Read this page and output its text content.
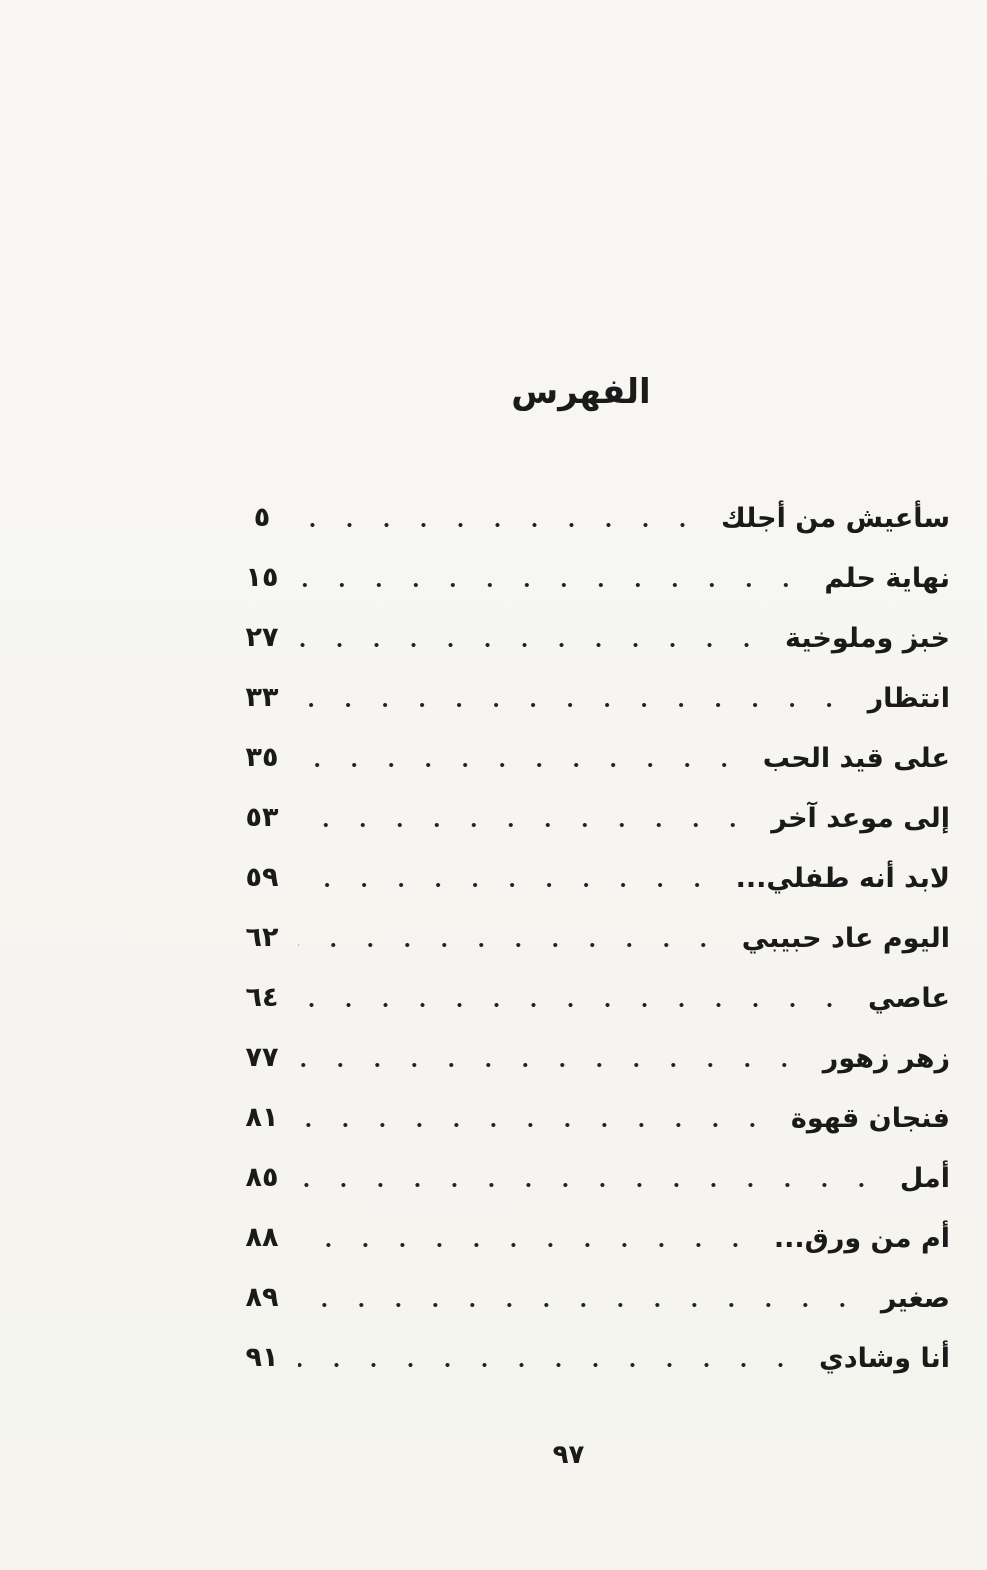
الفهرس
سأعيش من أجلك
٥
نهاية حلم
١٥
خبز وملوخية
٢٧
انتظار
٣٣
على قيد الحب
٣٥
إلى موعد آخر
٥٣
لابد أنه طفلي...
٥٩
اليوم عاد حبيبي
٦٢
عاصي
٦٤
زهر زهور
٧٧
فنجان قهوة
٨١
أمل
٨٥
أم من ورق...
٨٨
صغير
٨٩
أنا وشادي
٩١
٩٧
